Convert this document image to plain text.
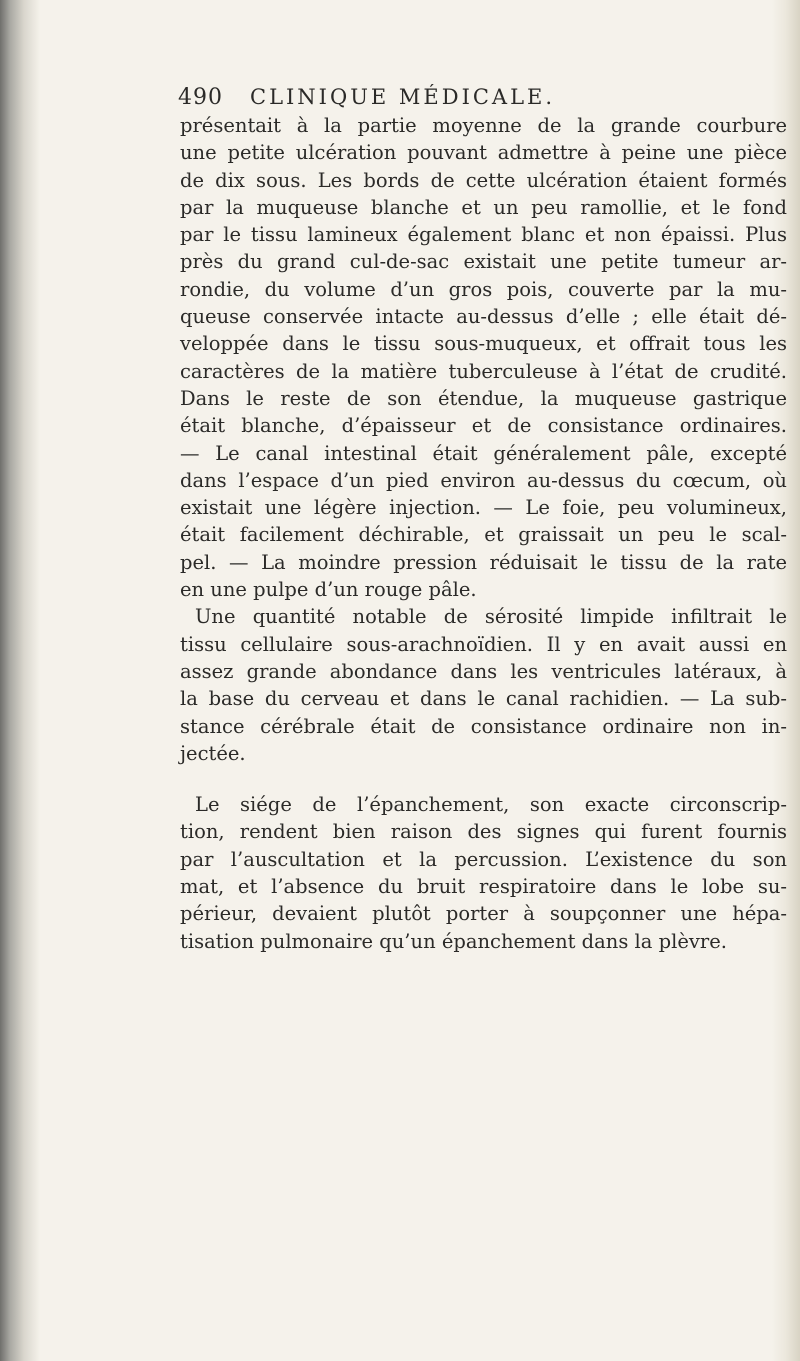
490 CLINIQUE MÉDICALE.
présentait à la partie moyenne de la grande courbure
une petite ulcération pouvant admettre à peine une pièce
de dix sous. Les bords de cette ulcération étaient formés
par la muqueuse blanche et un peu ramollie, et le fond
par le tissu lamineux également blanc et non épaissi. Plus
près du grand cul-de-sac existait une petite tumeur ar-
rondie, du volume d’un gros pois, couverte par la mu-
queuse conservée intacte au-dessus d’elle ; elle était dé-
veloppée dans le tissu sous-muqueux, et offrait tous les
caractères de la matière tuberculeuse à l’état de crudité.
Dans le reste de son étendue, la muqueuse gastrique
était blanche, d’épaisseur et de consistance ordinaires.
— Le canal intestinal était généralement pâle, excepté
dans l’espace d’un pied environ au-dessus du cœcum, où
existait une légère injection. — Le foie, peu volumineux,
était facilement déchirable, et graissait un peu le scal-
pel. — La moindre pression réduisait le tissu de la rate
en une pulpe d’un rouge pâle.
Une quantité notable de sérosité limpide infiltrait le
tissu cellulaire sous-arachnoïdien. Il y en avait aussi en
assez grande abondance dans les ventricules latéraux, à
la base du cerveau et dans le canal rachidien. — La sub-
stance cérébrale était de consistance ordinaire non in-
jectée.
Le siége de l’épanchement, son exacte circonscrip-
tion, rendent bien raison des signes qui furent fournis
par l’auscultation et la percussion. L’existence du son
mat, et l’absence du bruit respiratoire dans le lobe su-
périeur, devaient plutôt porter à soupçonner une hépa-
tisation pulmonaire qu’un épanchement dans la plèvre.
